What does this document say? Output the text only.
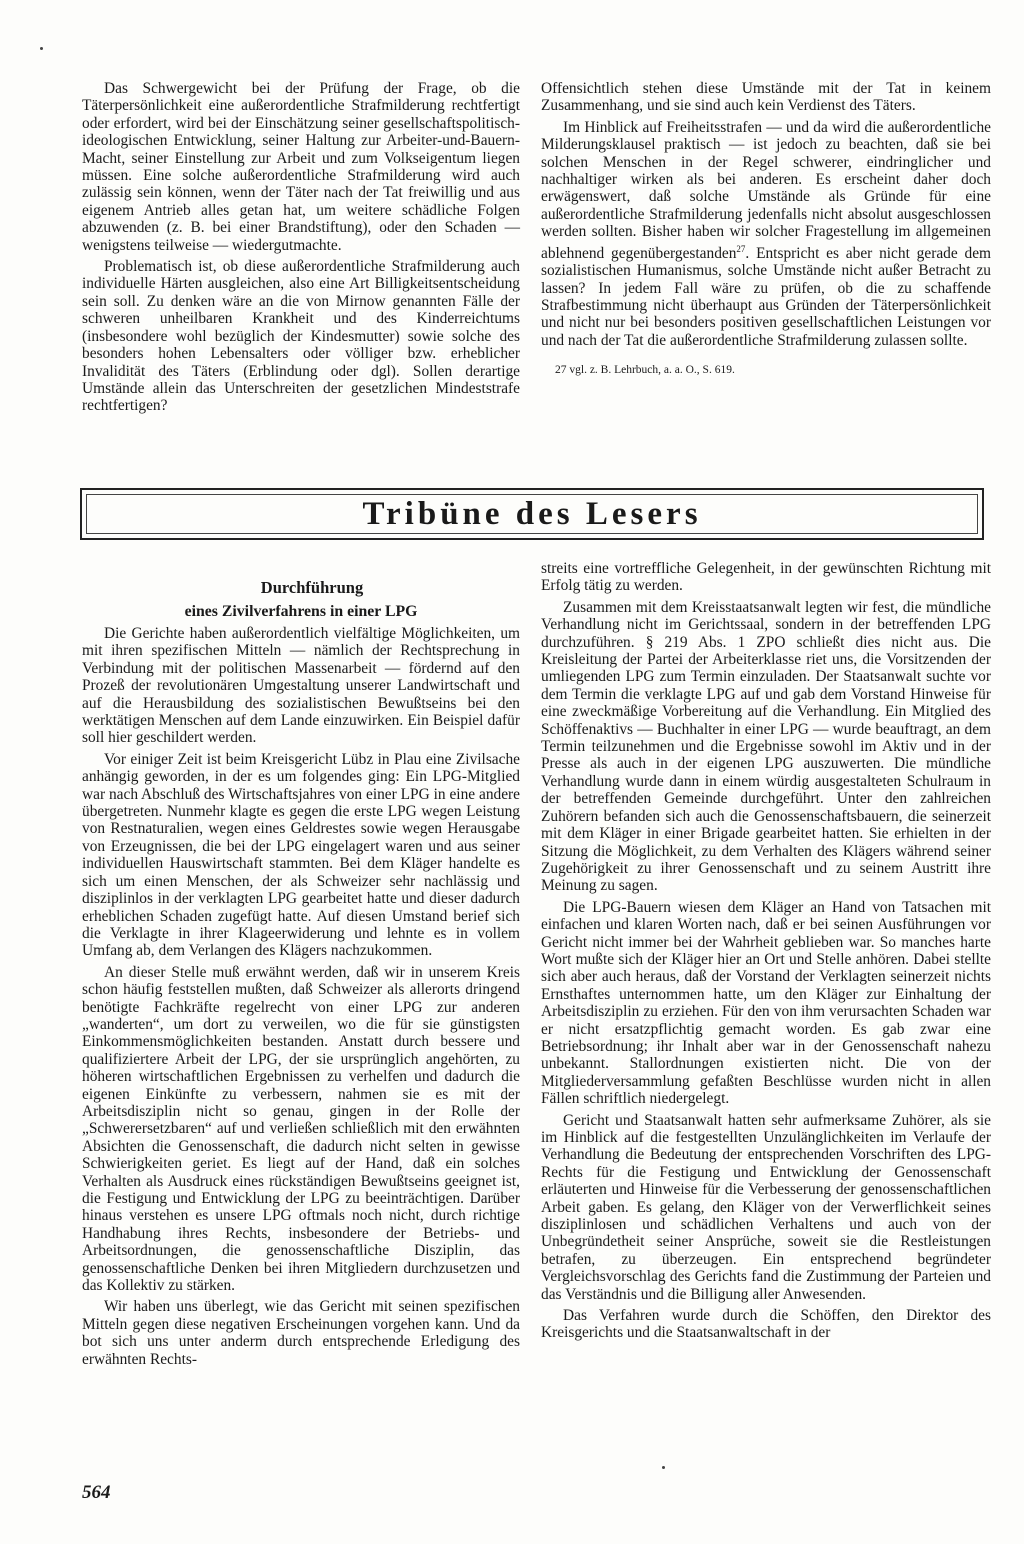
Das Schwergewicht bei der Prüfung der Frage, ob die Täterpersönlichkeit eine außerordentliche Strafmilderung rechtfertigt oder erfordert, wird bei der Einschätzung seiner gesellschaftspolitisch-ideologischen Entwicklung, seiner Haltung zur Arbeiter-und-Bauern-Macht, seiner Einstellung zur Arbeit und zum Volkseigentum liegen müssen. Eine solche außerordentliche Strafmilderung wird auch zulässig sein können, wenn der Täter nach der Tat freiwillig und aus eigenem Antrieb alles getan hat, um weitere schädliche Folgen abzuwenden (z. B. bei einer Brandstiftung), oder den Schaden — wenigstens teilweise — wiedergutmachte.

Problematisch ist, ob diese außerordentliche Strafmilderung auch individuelle Härten ausgleichen, also eine Art Billigkeitsentscheidung sein soll. Zu denken wäre an die von Mirnow genannten Fälle der schweren unheilbaren Krankheit und des Kinderreichtums (insbesondere wohl bezüglich der Kindesmutter) sowie solche des besonders hohen Lebensalters oder völliger bzw. erheblicher Invalidität des Täters (Erblindung oder dgl). Sollen derartige Umstände allein das Unterschreiten der gesetzlichen Mindeststrafe rechtfertigen?

Offensichtlich stehen diese Umstände mit der Tat in keinem Zusammenhang, und sie sind auch kein Verdienst des Täters.

Im Hinblick auf Freiheitsstrafen — und da wird die außerordentliche Milderungsklausel praktisch — ist jedoch zu beachten, daß sie bei solchen Menschen in der Regel schwerer, eindringlicher und nachhaltiger wirken als bei anderen. Es erscheint daher doch erwägenswert, daß solche Umstände als Gründe für eine außerordentliche Strafmilderung jedenfalls nicht absolut ausgeschlossen werden sollten. Bisher haben wir solcher Fragestellung im allgemeinen ablehnend gegenübergestanden$^{27}$. Entspricht es aber nicht gerade dem sozialistischen Humanismus, solche Umstände nicht außer Betracht zu lassen? In jedem Fall wäre zu prüfen, ob die zu schaffende Strafbestimmung nicht überhaupt aus Gründen der Täterpersönlichkeit und nicht nur bei besonders positiven gesellschaftlichen Leistungen vor und nach der Tat die außerordentliche Strafmilderung zulassen sollte.

27 vgl. z. B. Lehrbuch, a. a. O., S. 619.

Tribüne des Lesers

Durchführung

eines Zivilverfahrens in einer LPG

Die Gerichte haben außerordentlich vielfältige Möglichkeiten, um mit ihren spezifischen Mitteln — nämlich der Rechtsprechung in Verbindung mit der politischen Massenarbeit — fördernd auf den Prozeß der revolutionären Umgestaltung unserer Landwirtschaft und auf die Herausbildung des sozialistischen Bewußtseins bei den werktätigen Menschen auf dem Lande einzuwirken. Ein Beispiel dafür soll hier geschildert werden.

Vor einiger Zeit ist beim Kreisgericht Lübz in Plau eine Zivilsache anhängig geworden, in der es um folgendes ging: Ein LPG-Mitglied war nach Abschluß des Wirtschaftsjahres von einer LPG in eine andere übergetreten. Nunmehr klagte es gegen die erste LPG wegen Leistung von Restnaturalien, wegen eines Geldrestes sowie wegen Herausgabe von Erzeugnissen, die bei der LPG eingelagert waren und aus seiner individuellen Hauswirtschaft stammten. Bei dem Kläger handelte es sich um einen Menschen, der als Schweizer sehr nachlässig und disziplinlos in der verklagten LPG gearbeitet hatte und dieser dadurch erheblichen Schaden zugefügt hatte. Auf diesen Umstand berief sich die Verklagte in ihrer Klageerwiderung und lehnte es in vollem Umfang ab, dem Verlangen des Klägers nachzukommen.

An dieser Stelle muß erwähnt werden, daß wir in unserem Kreis schon häufig feststellen mußten, daß Schweizer als allerorts dringend benötigte Fachkräfte regelrecht von einer LPG zur anderen „wanderten“, um dort zu verweilen, wo die für sie günstigsten Einkommensmöglichkeiten bestanden. Anstatt durch bessere und qualifiziertere Arbeit der LPG, der sie ursprünglich angehörten, zu höheren wirtschaftlichen Ergebnissen zu verhelfen und dadurch die eigenen Einkünfte zu verbessern, nahmen sie es mit der Arbeitsdisziplin nicht so genau, gingen in der Rolle der „Schwerersetzbaren“ auf und verließen schließlich mit den erwähnten Absichten die Genossenschaft, die dadurch nicht selten in gewisse Schwierigkeiten geriet. Es liegt auf der Hand, daß ein solches Verhalten als Ausdruck eines rückständigen Bewußtseins geeignet ist, die Festigung und Entwicklung der LPG zu beeinträchtigen. Darüber hinaus verstehen es unsere LPG oftmals noch nicht, durch richtige Handhabung ihres Rechts, insbesondere der Betriebs- und Arbeitsordnungen, die genossenschaftliche Disziplin, das genossenschaftliche Denken bei ihren Mitgliedern durchzusetzen und das Kollektiv zu stärken.

Wir haben uns überlegt, wie das Gericht mit seinen spezifischen Mitteln gegen diese negativen Erscheinungen vorgehen kann. Und da bot sich uns unter anderm durch entsprechende Erledigung des erwähnten Rechts-

streits eine vortreffliche Gelegenheit, in der gewünschten Richtung mit Erfolg tätig zu werden.

Zusammen mit dem Kreisstaatsanwalt legten wir fest, die mündliche Verhandlung nicht im Gerichtssaal, sondern in der betreffenden LPG durchzuführen. § 219 Abs. 1 ZPO schließt dies nicht aus. Die Kreisleitung der Partei der Arbeiterklasse riet uns, die Vorsitzenden der umliegenden LPG zum Termin einzuladen. Der Staatsanwalt suchte vor dem Termin die verklagte LPG auf und gab dem Vorstand Hinweise für eine zweckmäßige Vorbereitung auf die Verhandlung. Ein Mitglied des Schöffenaktivs — Buchhalter in einer LPG — wurde beauftragt, an dem Termin teilzunehmen und die Ergebnisse sowohl im Aktiv und in der Presse als auch in der eigenen LPG auszuwerten. Die mündliche Verhandlung wurde dann in einem würdig ausgestalteten Schulraum in der betreffenden Gemeinde durchgeführt. Unter den zahlreichen Zuhörern befanden sich auch die Genossenschaftsbauern, die seinerzeit mit dem Kläger in einer Brigade gearbeitet hatten. Sie erhielten in der Sitzung die Möglichkeit, zu dem Verhalten des Klägers während seiner Zugehörigkeit zu ihrer Genossenschaft und zu seinem Austritt ihre Meinung zu sagen.

Die LPG-Bauern wiesen dem Kläger an Hand von Tatsachen mit einfachen und klaren Worten nach, daß er bei seinen Ausführungen vor Gericht nicht immer bei der Wahrheit geblieben war. So manches harte Wort mußte sich der Kläger hier an Ort und Stelle anhören. Dabei stellte sich aber auch heraus, daß der Vorstand der Verklagten seinerzeit nichts Ernsthaftes unternommen hatte, um den Kläger zur Einhaltung der Arbeitsdisziplin zu erziehen. Für den von ihm verursachten Schaden war er nicht ersatzpflichtig gemacht worden. Es gab zwar eine Betriebsordnung; ihr Inhalt aber war in der Genossenschaft nahezu unbekannt. Stallordnungen existierten nicht. Die von der Mitgliederversammlung gefaßten Beschlüsse wurden nicht in allen Fällen schriftlich niedergelegt.

Gericht und Staatsanwalt hatten sehr aufmerksame Zuhörer, als sie im Hinblick auf die festgestellten Unzulänglichkeiten im Verlaufe der Verhandlung die Bedeutung der entsprechenden Vorschriften des LPG-Rechts für die Festigung und Entwicklung der Genossenschaft erläuterten und Hinweise für die Verbesserung der genossenschaftlichen Arbeit gaben. Es gelang, den Kläger von der Verwerflichkeit seines disziplinlosen und schädlichen Verhaltens und auch von der Unbegründetheit seiner Ansprüche, soweit sie die Restleistungen betrafen, zu überzeugen. Ein entsprechend begründeter Vergleichsvorschlag des Gerichts fand die Zustimmung der Parteien und das Verständnis und die Billigung aller Anwesenden.

Das Verfahren wurde durch die Schöffen, den Direktor des Kreisgerichts und die Staatsanwaltschaft in der

564
